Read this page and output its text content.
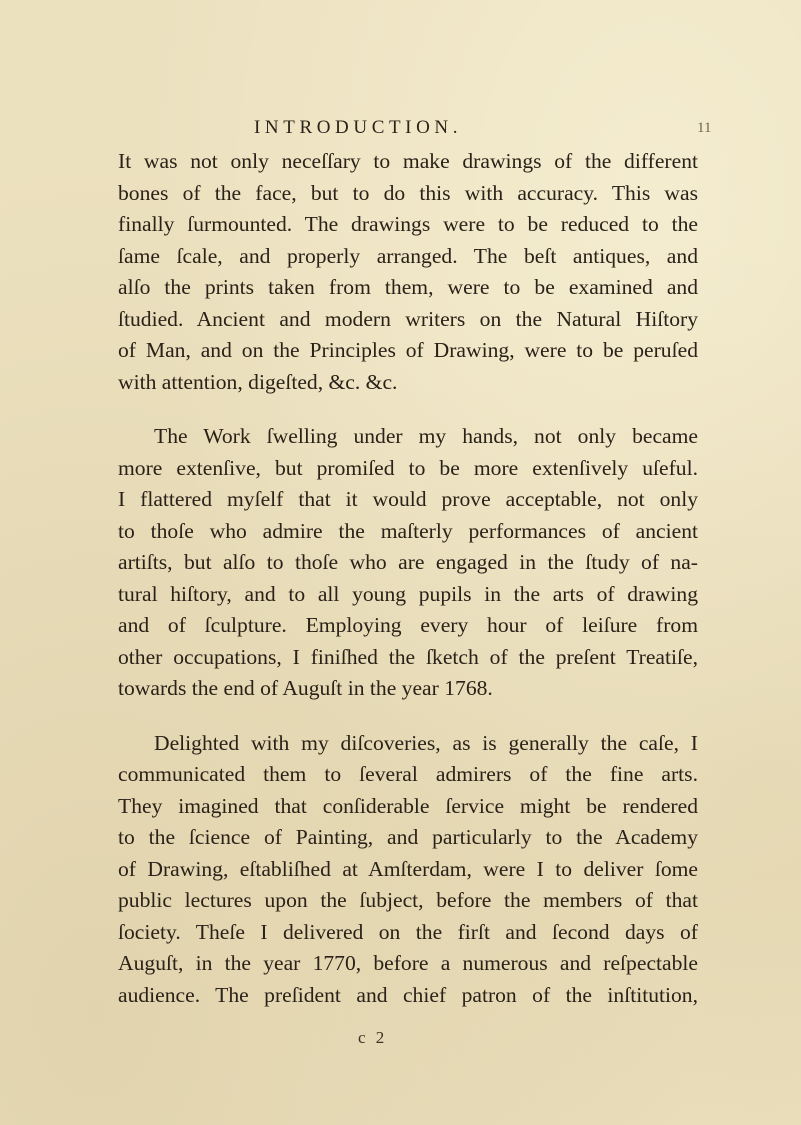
INTRODUCTION.	11

It was not only neceſſary to make drawings of the different
bones of the face, but to do this with accuracy. This was
finally ſurmounted. The drawings were to be reduced to the
ſame ſcale, and properly arranged. The beſt antiques, and
alſo the prints taken from them, were to be examined and
ſtudied. Ancient and modern writers on the Natural Hiſtory
of Man, and on the Principles of Drawing, were to be peruſed
with attention, digeſted, &c. &c.

The Work ſwelling under my hands, not only became
more extenſive, but promiſed to be more extenſively uſeful.
I flattered myſelf that it would prove acceptable, not only
to thoſe who admire the maſterly performances of ancient
artiſts, but alſo to thoſe who are engaged in the ſtudy of na-
tural hiſtory, and to all young pupils in the arts of drawing
and of ſculpture. Employing every hour of leiſure from
other occupations, I finiſhed the ſketch of the preſent Treatiſe,
towards the end of Auguſt in the year 1768.

Delighted with my diſcoveries, as is generally the caſe, I
communicated them to ſeveral admirers of the fine arts.
They imagined that conſiderable ſervice might be rendered
to the ſcience of Painting, and particularly to the Academy
of Drawing, eſtabliſhed at Amſterdam, were I to deliver ſome
public lectures upon the ſubject, before the members of that
ſociety. Theſe I delivered on the firſt and ſecond days of
Auguſt, in the year 1770, before a numerous and reſpectable
audience. The preſident and chief patron of the inſtitution,

c 2
